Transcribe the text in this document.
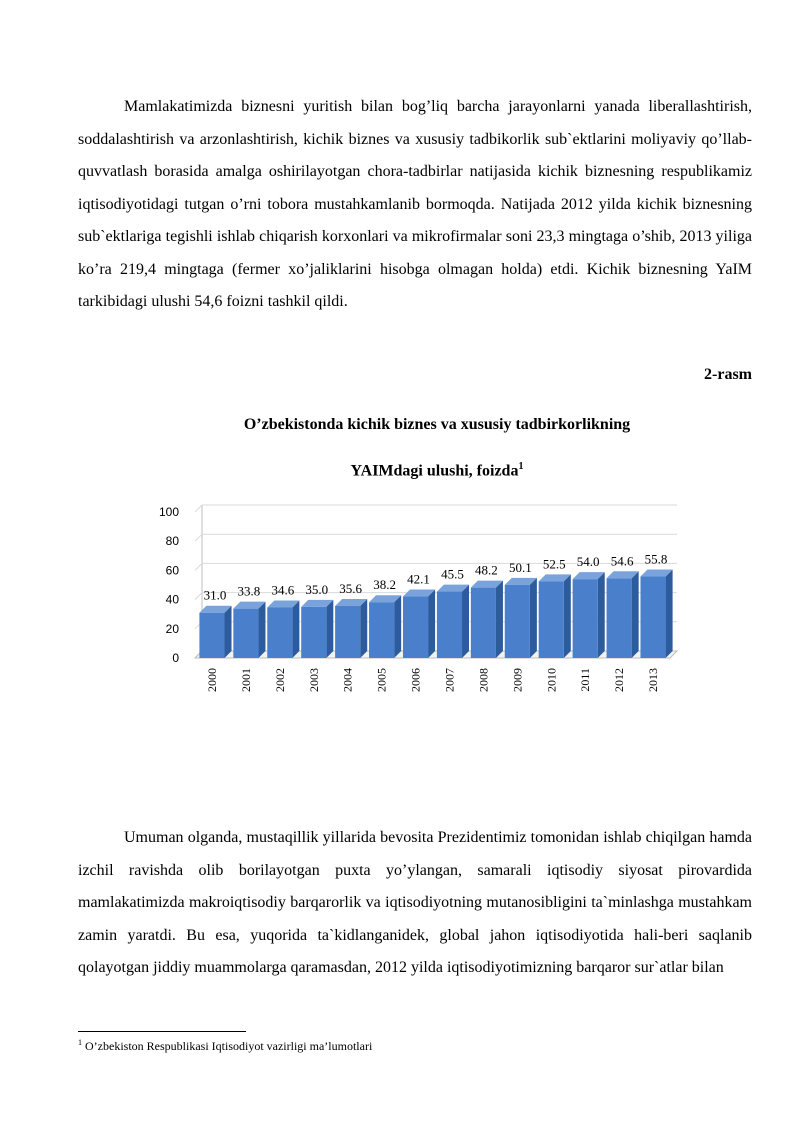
Mamlakatimizda biznesni yuritish bilan bog’liq barcha jarayonlarni yanada liberallashtirish, soddalashtirish va arzonlashtirish, kichik biznes va xususiy tadbikorlik sub`ektlarini moliyaviy qo’llab-quvvatlash borasida amalga oshirilayotgan chora-tadbirlar natijasida kichik biznesning respublikamiz iqtisodiyotidagi tutgan o’rni tobora mustahkamlanib bormoqda. Natijada 2012 yilda kichik biznesning sub`ektlariga tegishli ishlab chiqarish korxonlari va mikrofirmalar soni 23,3 mingtaga o’shib, 2013 yiliga ko’ra 219,4 mingtaga (fermer xo’jaliklarini hisobga olmagan holda) etdi. Kichik biznesning YaIM tarkibidagi ulushi 54,6 foizni tashkil qildi.

2-rasm

O’zbekistonda kichik biznes va xususiy tadbirkorlikning

YAIMdagi ulushi, foizda$^1$

0
20
40
60
80
100
31.0
2000
33.8
2001
34.6
2002
35.0
2003
35.6
2004
38.2
2005
42.1
2006
45.5
2007
48.2
2008
50.1
2009
52.5
2010
54.0
2011
54.6
2012
55.8
2013

Umuman olganda, mustaqillik yillarida bevosita Prezidentimiz tomonidan ishlab chiqilgan hamda izchil ravishda olib borilayotgan puxta yo’ylangan, samarali iqtisodiy siyosat pirovardida mamlakatimizda makroiqtisodiy barqarorlik va iqtisodiyotning mutanosibligini ta`minlashga mustahkam zamin yaratdi. Bu esa, yuqorida ta`kidlanganidek, global jahon iqtisodiyotida hali-beri saqlanib qolayotgan jiddiy muammolarga qaramasdan, 2012 yilda iqtisodiyotimizning barqaror sur`atlar bilan

$^1$ O’zbekiston Respublikasi Iqtisodiyot vazirligi ma’lumotlari
